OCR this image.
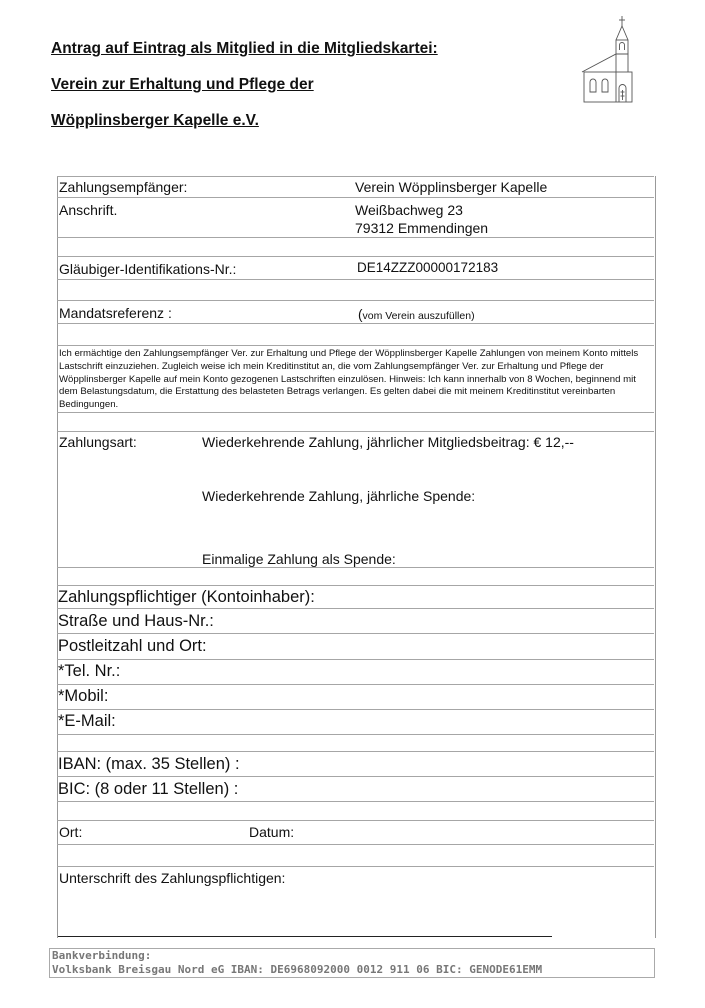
Antrag auf Eintrag als Mitglied in die Mitgliedskartei:
Verein zur Erhaltung und Pflege der
Wöpplinsberger Kapelle e.V.
Zahlungsempfänger:	Verein Wöpplinsberger Kapelle
Anschrift.	Weißbachweg 23
79312 Emmendingen
Gläubiger-Identifikations-Nr.:	DE14ZZZ00000172183
Mandatsreferenz :	(vom Verein auszufüllen)
Ich ermächtige den Zahlungsempfänger Ver. zur Erhaltung und Pflege der Wöpplinsberger Kapelle Zahlungen von meinem Konto mittels Lastschrift einzuziehen. Zugleich weise ich mein Kreditinstitut an, die vom Zahlungsempfänger Ver. zur Erhaltung und Pflege der Wöpplinsberger Kapelle auf mein Konto gezogenen Lastschriften einzulösen. Hinweis: Ich kann innerhalb von 8 Wochen, beginnend mit dem Belastungsdatum, die Erstattung des belasteten Betrags verlangen. Es gelten dabei die mit meinem Kreditinstitut vereinbarten Bedingungen.
Zahlungsart:	Wiederkehrende Zahlung, jährlicher Mitgliedsbeitrag: € 12,--
Wiederkehrende Zahlung, jährliche Spende:
Einmalige Zahlung als Spende:
Zahlungspflichtiger (Kontoinhaber):
Straße und Haus-Nr.:
Postleitzahl und Ort:
*Tel. Nr.:
*Mobil:
*E-Mail:
IBAN: (max. 35 Stellen) :
BIC: (8 oder 11 Stellen) :
Ort:	Datum:
Unterschrift des Zahlungspflichtigen:
Bankverbindung:
Volksbank Breisgau Nord eG IBAN: DE6968092000 0012 911 06 BIC: GENODE61EMM
